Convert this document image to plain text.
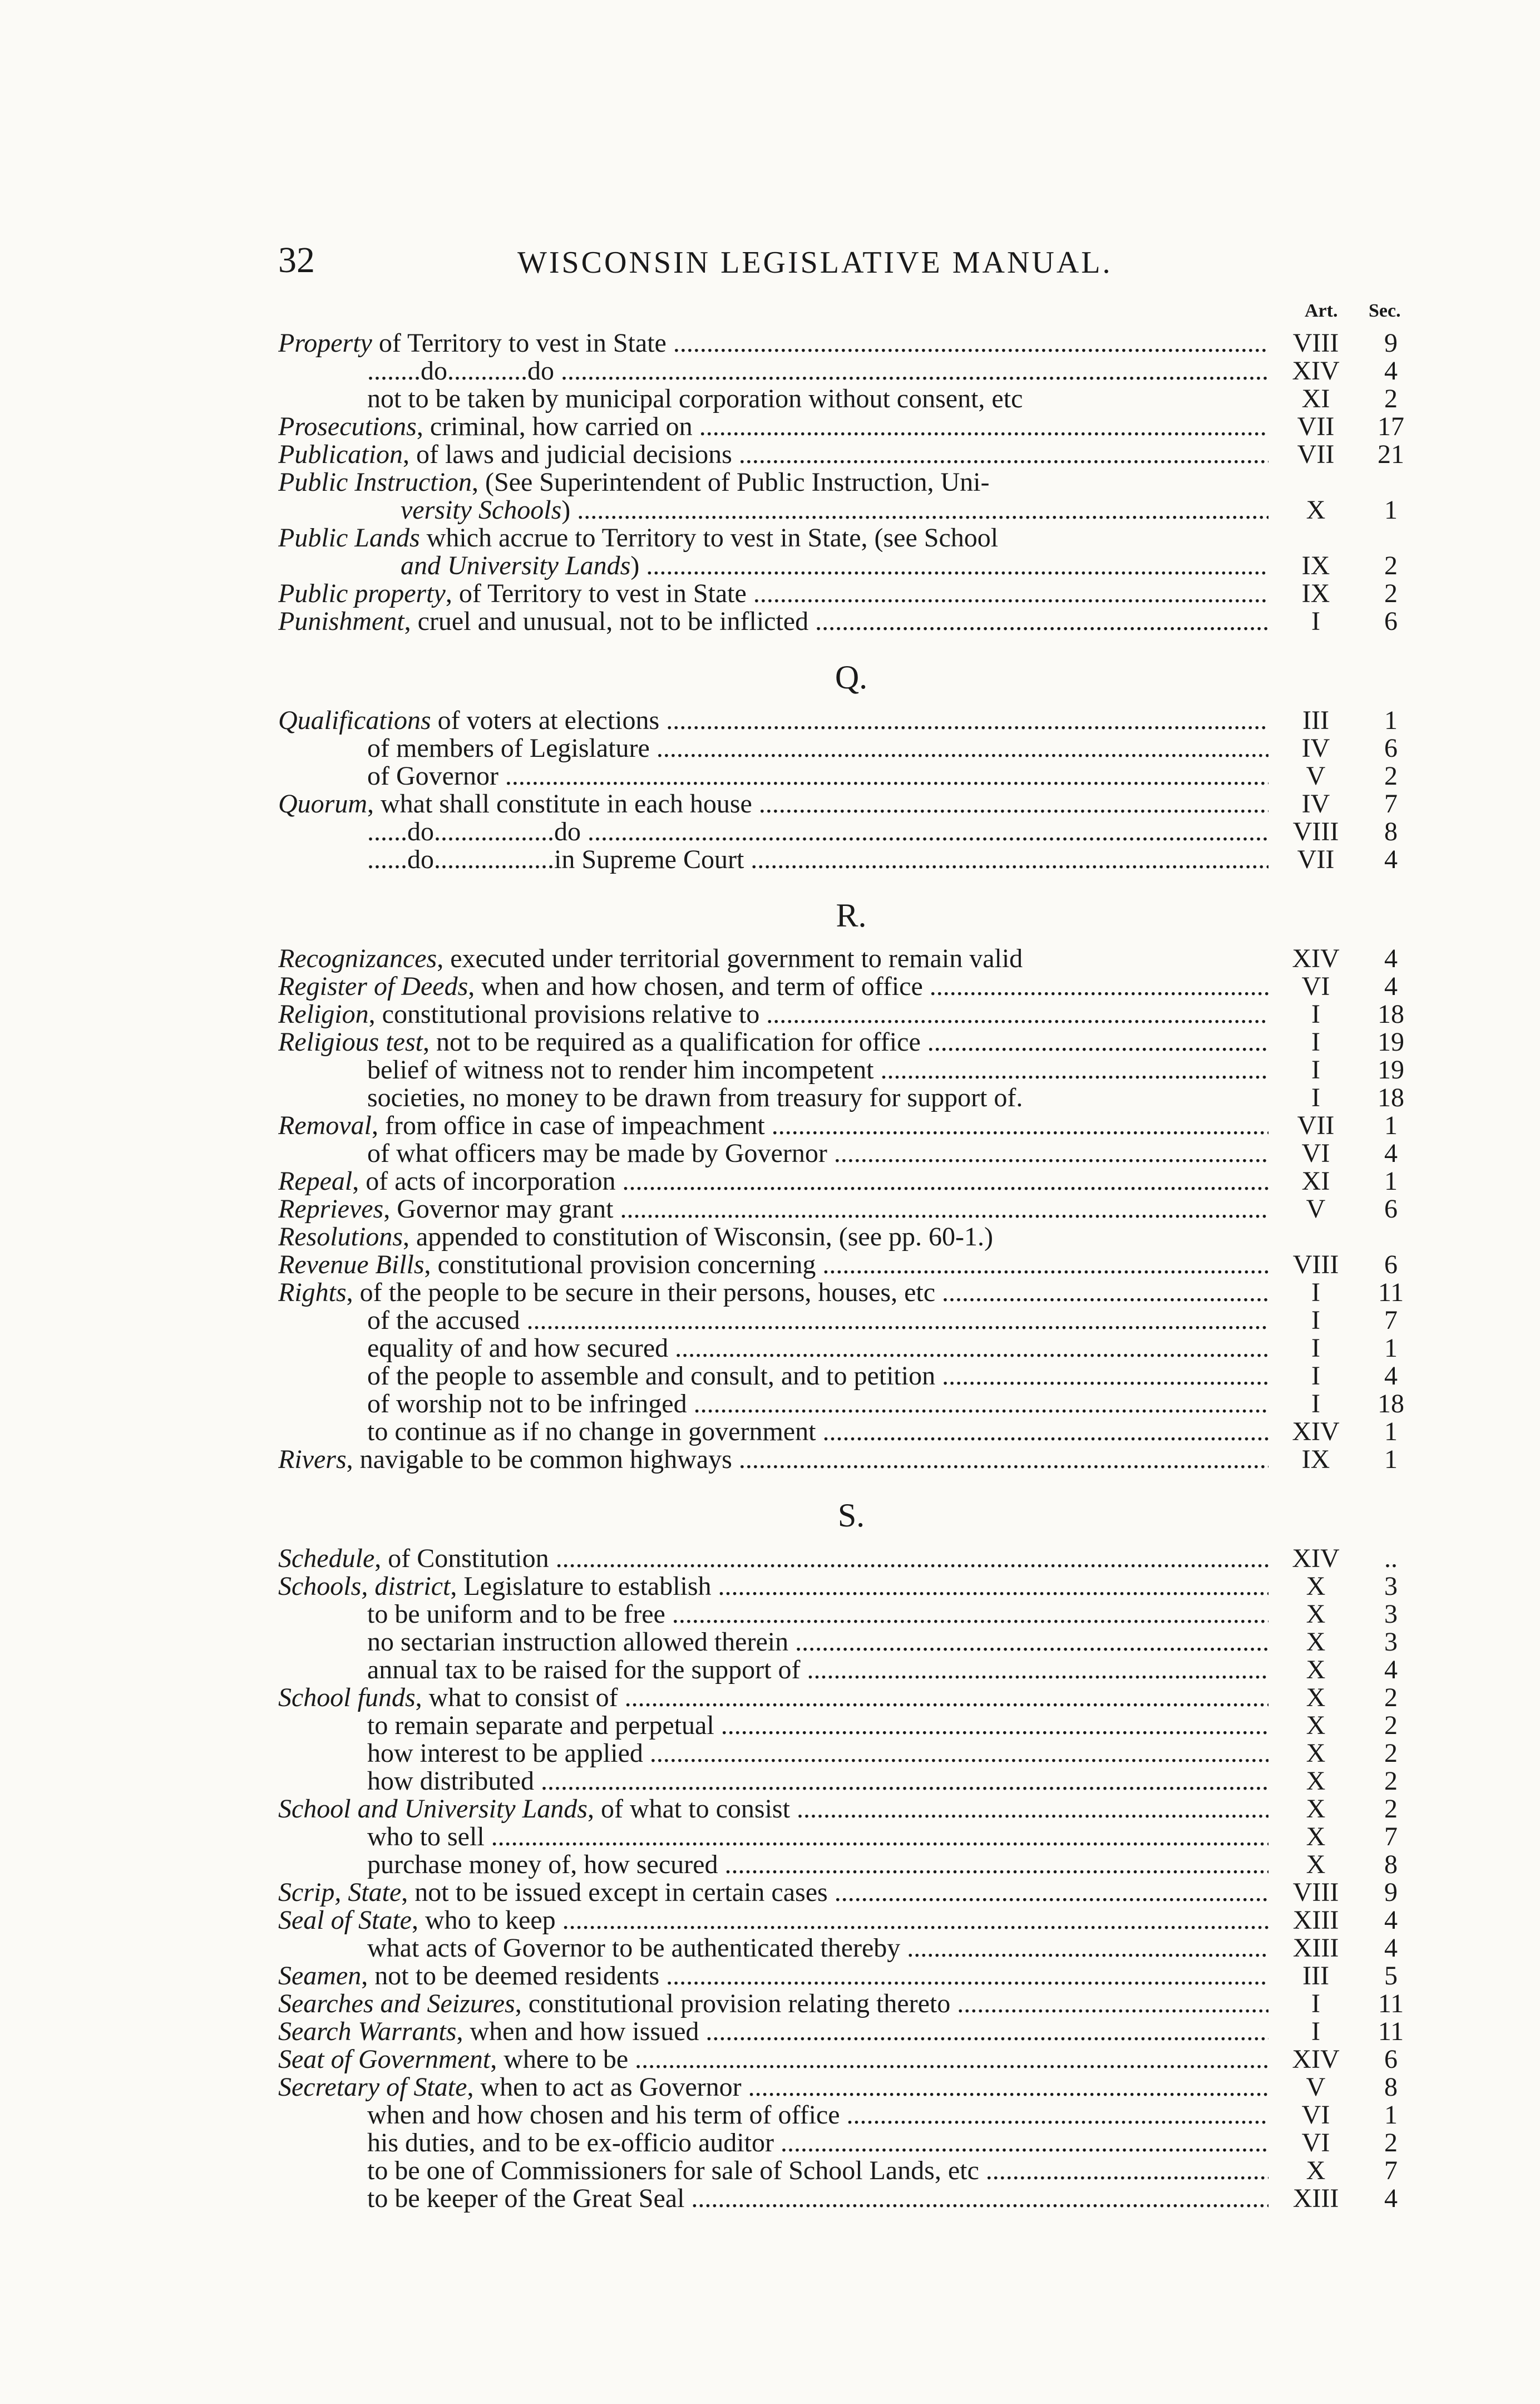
32	WISCONSIN LEGISLATIVE MANUAL.
Art. Sec.
Property of Territory to vest in State .....	VIII	9
........do............do .....	XIV	4
not to be taken by municipal corporation without consent, etc	XI	2
Prosecutions, criminal, how carried on .....	VII	17
Publication, of laws and judicial decisions .....	VII	21
Public Instruction, (See Superintendent of Public Instruction, Uni-
versity Schools) .....	X	1
Public Lands which accrue to Territory to vest in State, (see School
and University Lands) .....	IX	2
Public property, of Territory to vest in State .....	IX	2
Punishment, cruel and unusual, not to be inflicted .....	I	6
Q.
Qualifications of voters at elections .....	III	1
of members of Legislature .....	IV	6
of Governor .....	V	2
Quorum, what shall constitute in each house .....	IV	7
......do..................do .....	VIII	8
......do..................in Supreme Court .....	VII	4
R.
Recognizances, executed under territorial government to remain valid	XIV	4
Register of Deeds, when and how chosen, and term of office .....	VI	4
Religion, constitutional provisions relative to .....	I	18
Religious test, not to be required as a qualification for office .....	I	19
belief of witness not to render him incompetent .....	I	19
societies, no money to be drawn from treasury for support of.	I	18
Removal, from office in case of impeachment .....	VII	1
of what officers may be made by Governor .....	VI	4
Repeal, of acts of incorporation .....	XI	1
Reprieves, Governor may grant .....	V	6
Resolutions, appended to constitution of Wisconsin, (see pp. 60-1.)
Revenue Bills, constitutional provision concerning .....	VIII	6
Rights, of the people to be secure in their persons, houses, etc .....	I	11
of the accused .....	I	7
equality of and how secured .....	I	1
of the people to assemble and consult, and to petition .....	I	4
of worship not to be infringed .....	I	18
to continue as if no change in government .....	XIV	1
Rivers, navigable to be common highways .....	IX	1
S.
Schedule, of Constitution .....	XIV	..
Schools, district, Legislature to establish .....	X	3
to be uniform and to be free .....	X	3
no sectarian instruction allowed therein .....	X	3
annual tax to be raised for the support of .....	X	4
School funds, what to consist of .....	X	2
to remain separate and perpetual .....	X	2
how interest to be applied .....	X	2
how distributed .....	X	2
School and University Lands, of what to consist .....	X	2
who to sell .....	X	7
purchase money of, how secured .....	X	8
Scrip, State, not to be issued except in certain cases .....	VIII	9
Seal of State, who to keep .....	XIII	4
what acts of Governor to be authenticated thereby .....	XIII	4
Seamen, not to be deemed residents .....	III	5
Searches and Seizures, constitutional provision relating thereto .....	I	11
Search Warrants, when and how issued .....	I	11
Seat of Government, where to be .....	XIV	6
Secretary of State, when to act as Governor .....	V	8
when and how chosen and his term of office .....	VI	1
his duties, and to be ex-officio auditor .....	VI	2
to be one of Commissioners for sale of School Lands, etc .....	X	7
to be keeper of the Great Seal .....	XIII	4
